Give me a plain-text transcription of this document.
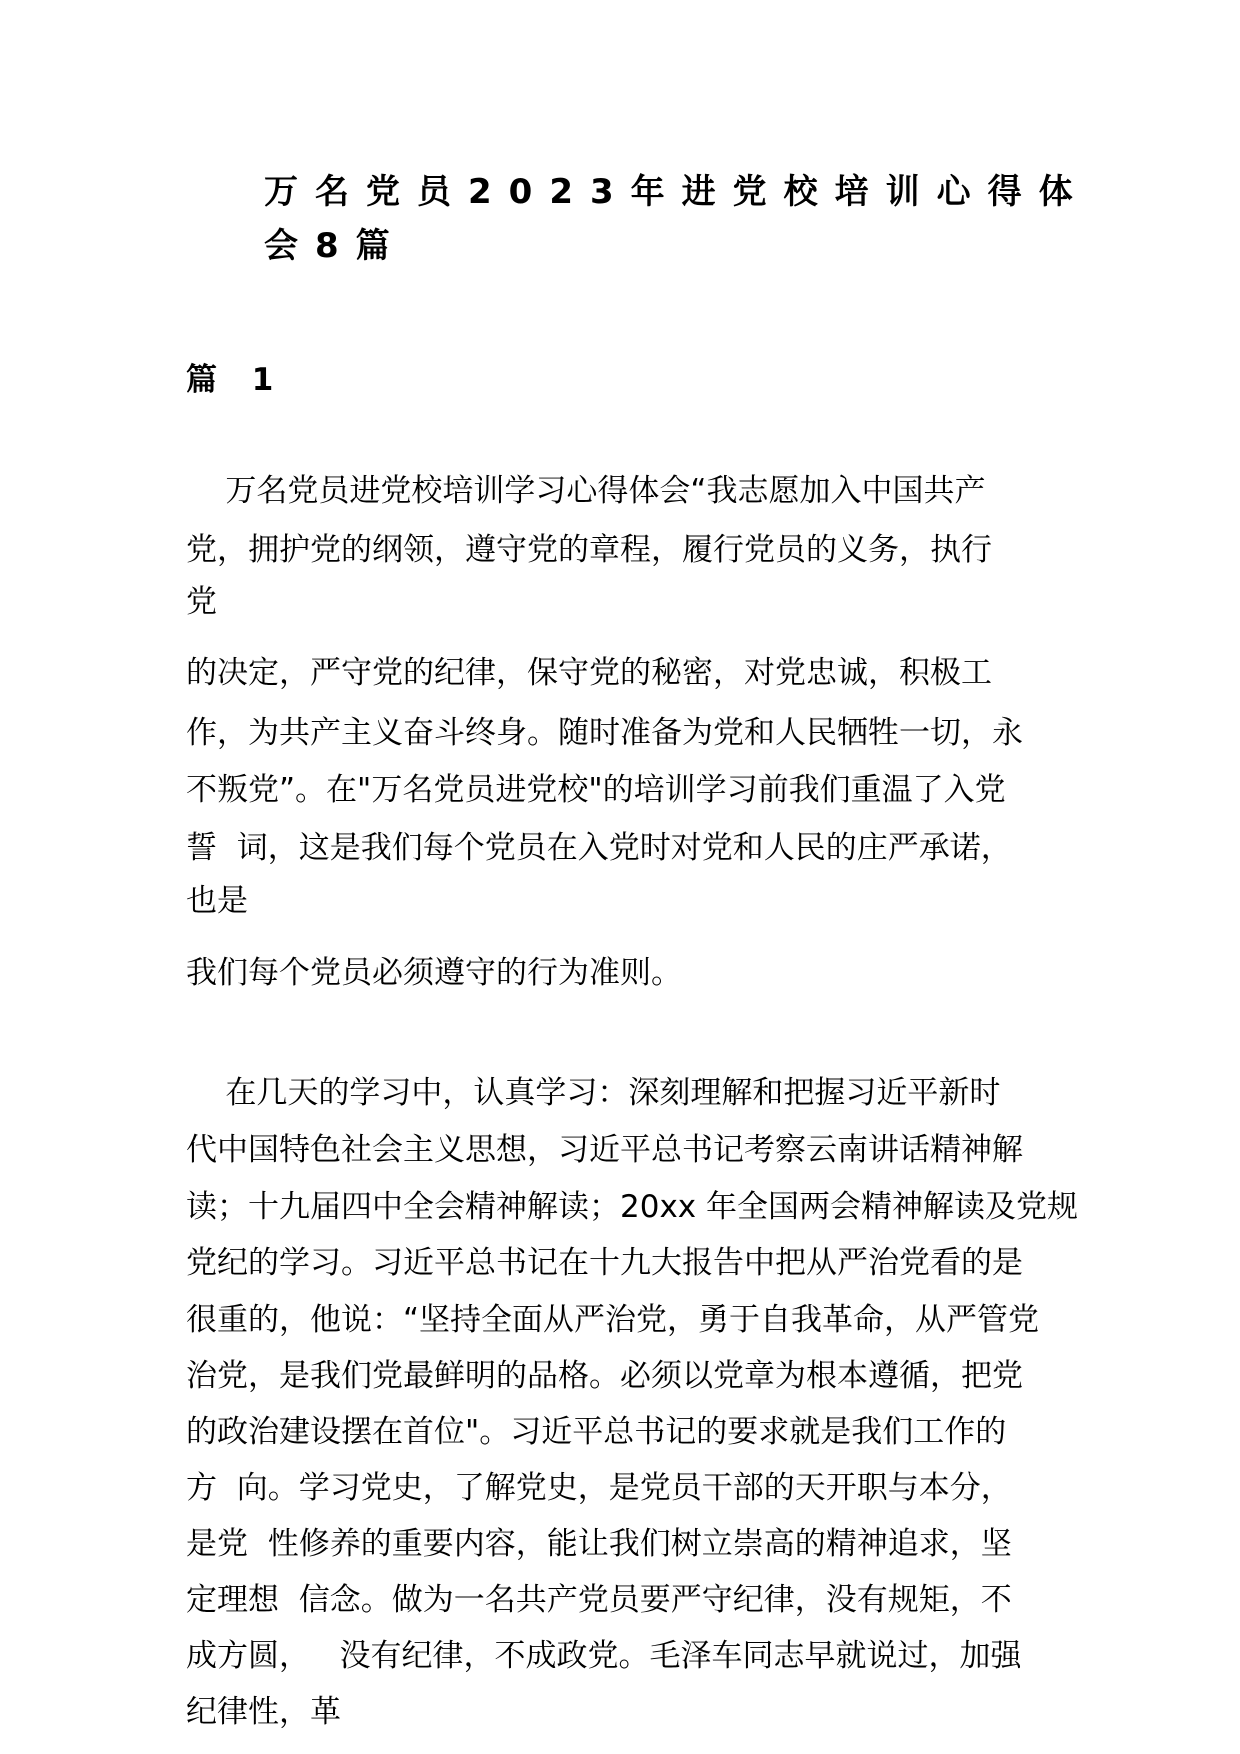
万名党员2023年进党校培训心得体
会8篇
篇 1
万名党员进党校培训学习心得体会“我志愿加入中国共产
党，拥护党的纲领，遵守党的章程，履行党员的义务，执行
党
的决定，严守党的纪律，保守党的秘密，对党忠诚，积极工
作，为共产主义奋斗终身。随时准备为党和人民牺牲一切，永
不叛党”。在"万名党员进党校"的培训学习前我们重温了入党
誓  词，这是我们每个党员在入党时对党和人民的庄严承诺，
也是
我们每个党员必须遵守的行为准则。
在几天的学习中，认真学习：深刻理解和把握习近平新时
代中国特色社会主义思想，习近平总书记考察云南讲话精神解
读；十九届四中全会精神解读；20xx 年全国两会精神解读及党规
党纪的学习。习近平总书记在十九大报告中把从严治党看的是
很重的，他说：“坚持全面从严治党，勇于自我革命，从严管党
治党，是我们党最鲜明的品格。必须以党章为根本遵循，把党
的政治建设摆在首位"。习近平总书记的要求就是我们工作的
方  向。学习党史，了解党史，是党员干部的天开职与本分，
是党  性修养的重要内容，能让我们树立崇高的精神追求，坚
定理想  信念。做为一名共产党员要严守纪律，没有规矩，不
成方圆，   没有纪律，不成政党。毛泽车同志早就说过，加强
纪律性，革
